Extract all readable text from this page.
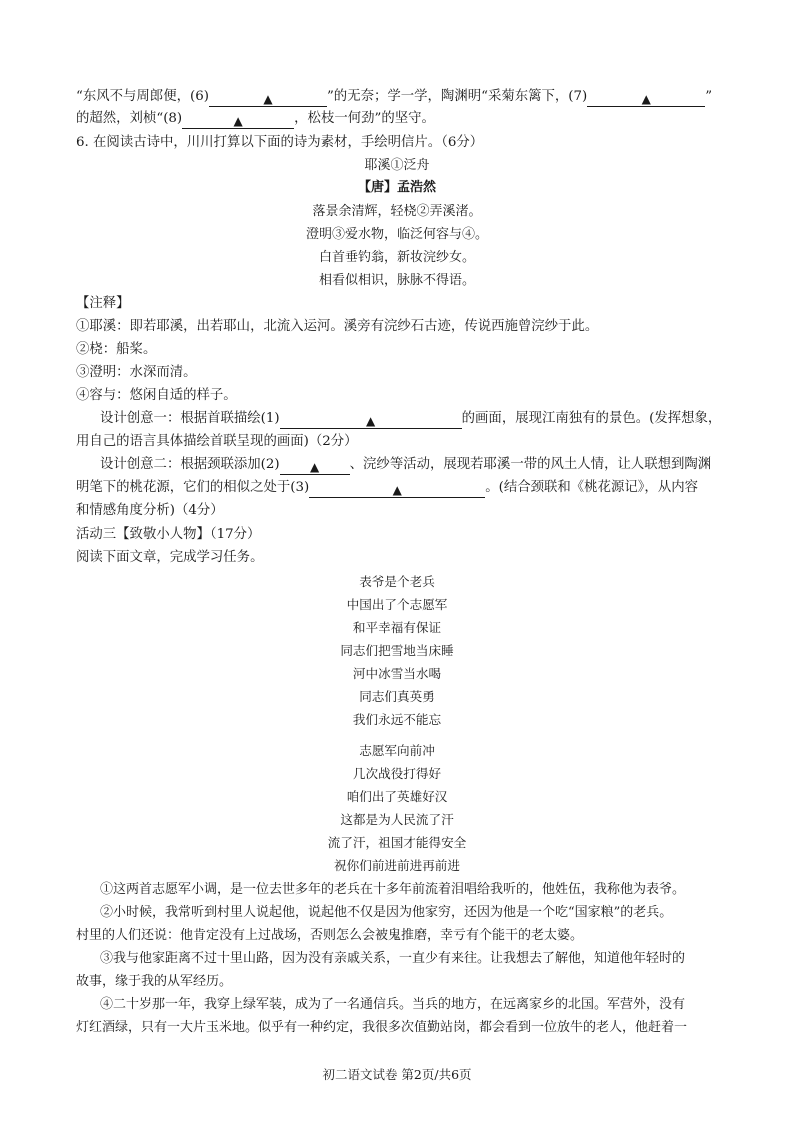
“东风不与周郎便，(6)	▲	”的无奈；学一学，陶渊明“采菊东篱下，(7)	▲	”
的超然，刘桢“(8)	▲	，松枝一何劲”的坚守。
6. 在阅读古诗中，川川打算以下面的诗为素材，手绘明信片。（6分）
耶溪①泛舟
【唐】孟浩然
落景余清辉，轻桡②弄溪渚。
澄明③爱水物，临泛何容与④。
白首垂钓翁，新妆浣纱女。
相看似相识，脉脉不得语。
【注释】
①耶溪：即若耶溪，出若耶山，北流入运河。溪旁有浣纱石古迹，传说西施曾浣纱于此。
②桡：船桨。
③澄明：水深而清。
④容与：悠闲自适的样子。
设计创意一：根据首联描绘(1)	▲	的画面，展现江南独有的景色。(发挥想象，
用自己的语言具体描绘首联呈现的画面)（2分）
设计创意二：根据颈联添加(2)	▲ 、浣纱等活动，展现若耶溪一带的风土人情，让人联想到陶渊
明笔下的桃花源，它们的相似之处于(3)	▲	。(结合颈联和《桃花源记》，从内容
和情感角度分析)（4分）
活动三【致敬小人物】（17分）
阅读下面文章，完成学习任务。
表爷是个老兵
中国出了个志愿军
和平幸福有保证
同志们把雪地当床睡
河中冰雪当水喝
同志们真英勇
我们永远不能忘
志愿军向前冲
几次战役打得好
咱们出了英雄好汉
这都是为人民流了汗
流了汗，祖国才能得安全
祝你们前进前进再前进
①这两首志愿军小调，是一位去世多年的老兵在十多年前流着泪唱给我听的，他姓伍，我称他为表爷。
②小时候，我常听到村里人说起他，说起他不仅是因为他家穷，还因为他是一个吃“国家粮”的老兵。
村里的人们还说：他肯定没有上过战场，否则怎么会被鬼推磨，幸亏有个能干的老太婆。
③我与他家距离不过十里山路，因为没有亲戚关系，一直少有来往。让我想去了解他，知道他年轻时的
故事，缘于我的从军经历。
④二十岁那一年，我穿上绿军装，成为了一名通信兵。当兵的地方，在远离家乡的北国。军营外，没有
灯红酒绿，只有一大片玉米地。似乎有一种约定，我很多次值勤站岗，都会看到一位放牛的老人，他赶着一
初二语文试卷 第2页/共6页
